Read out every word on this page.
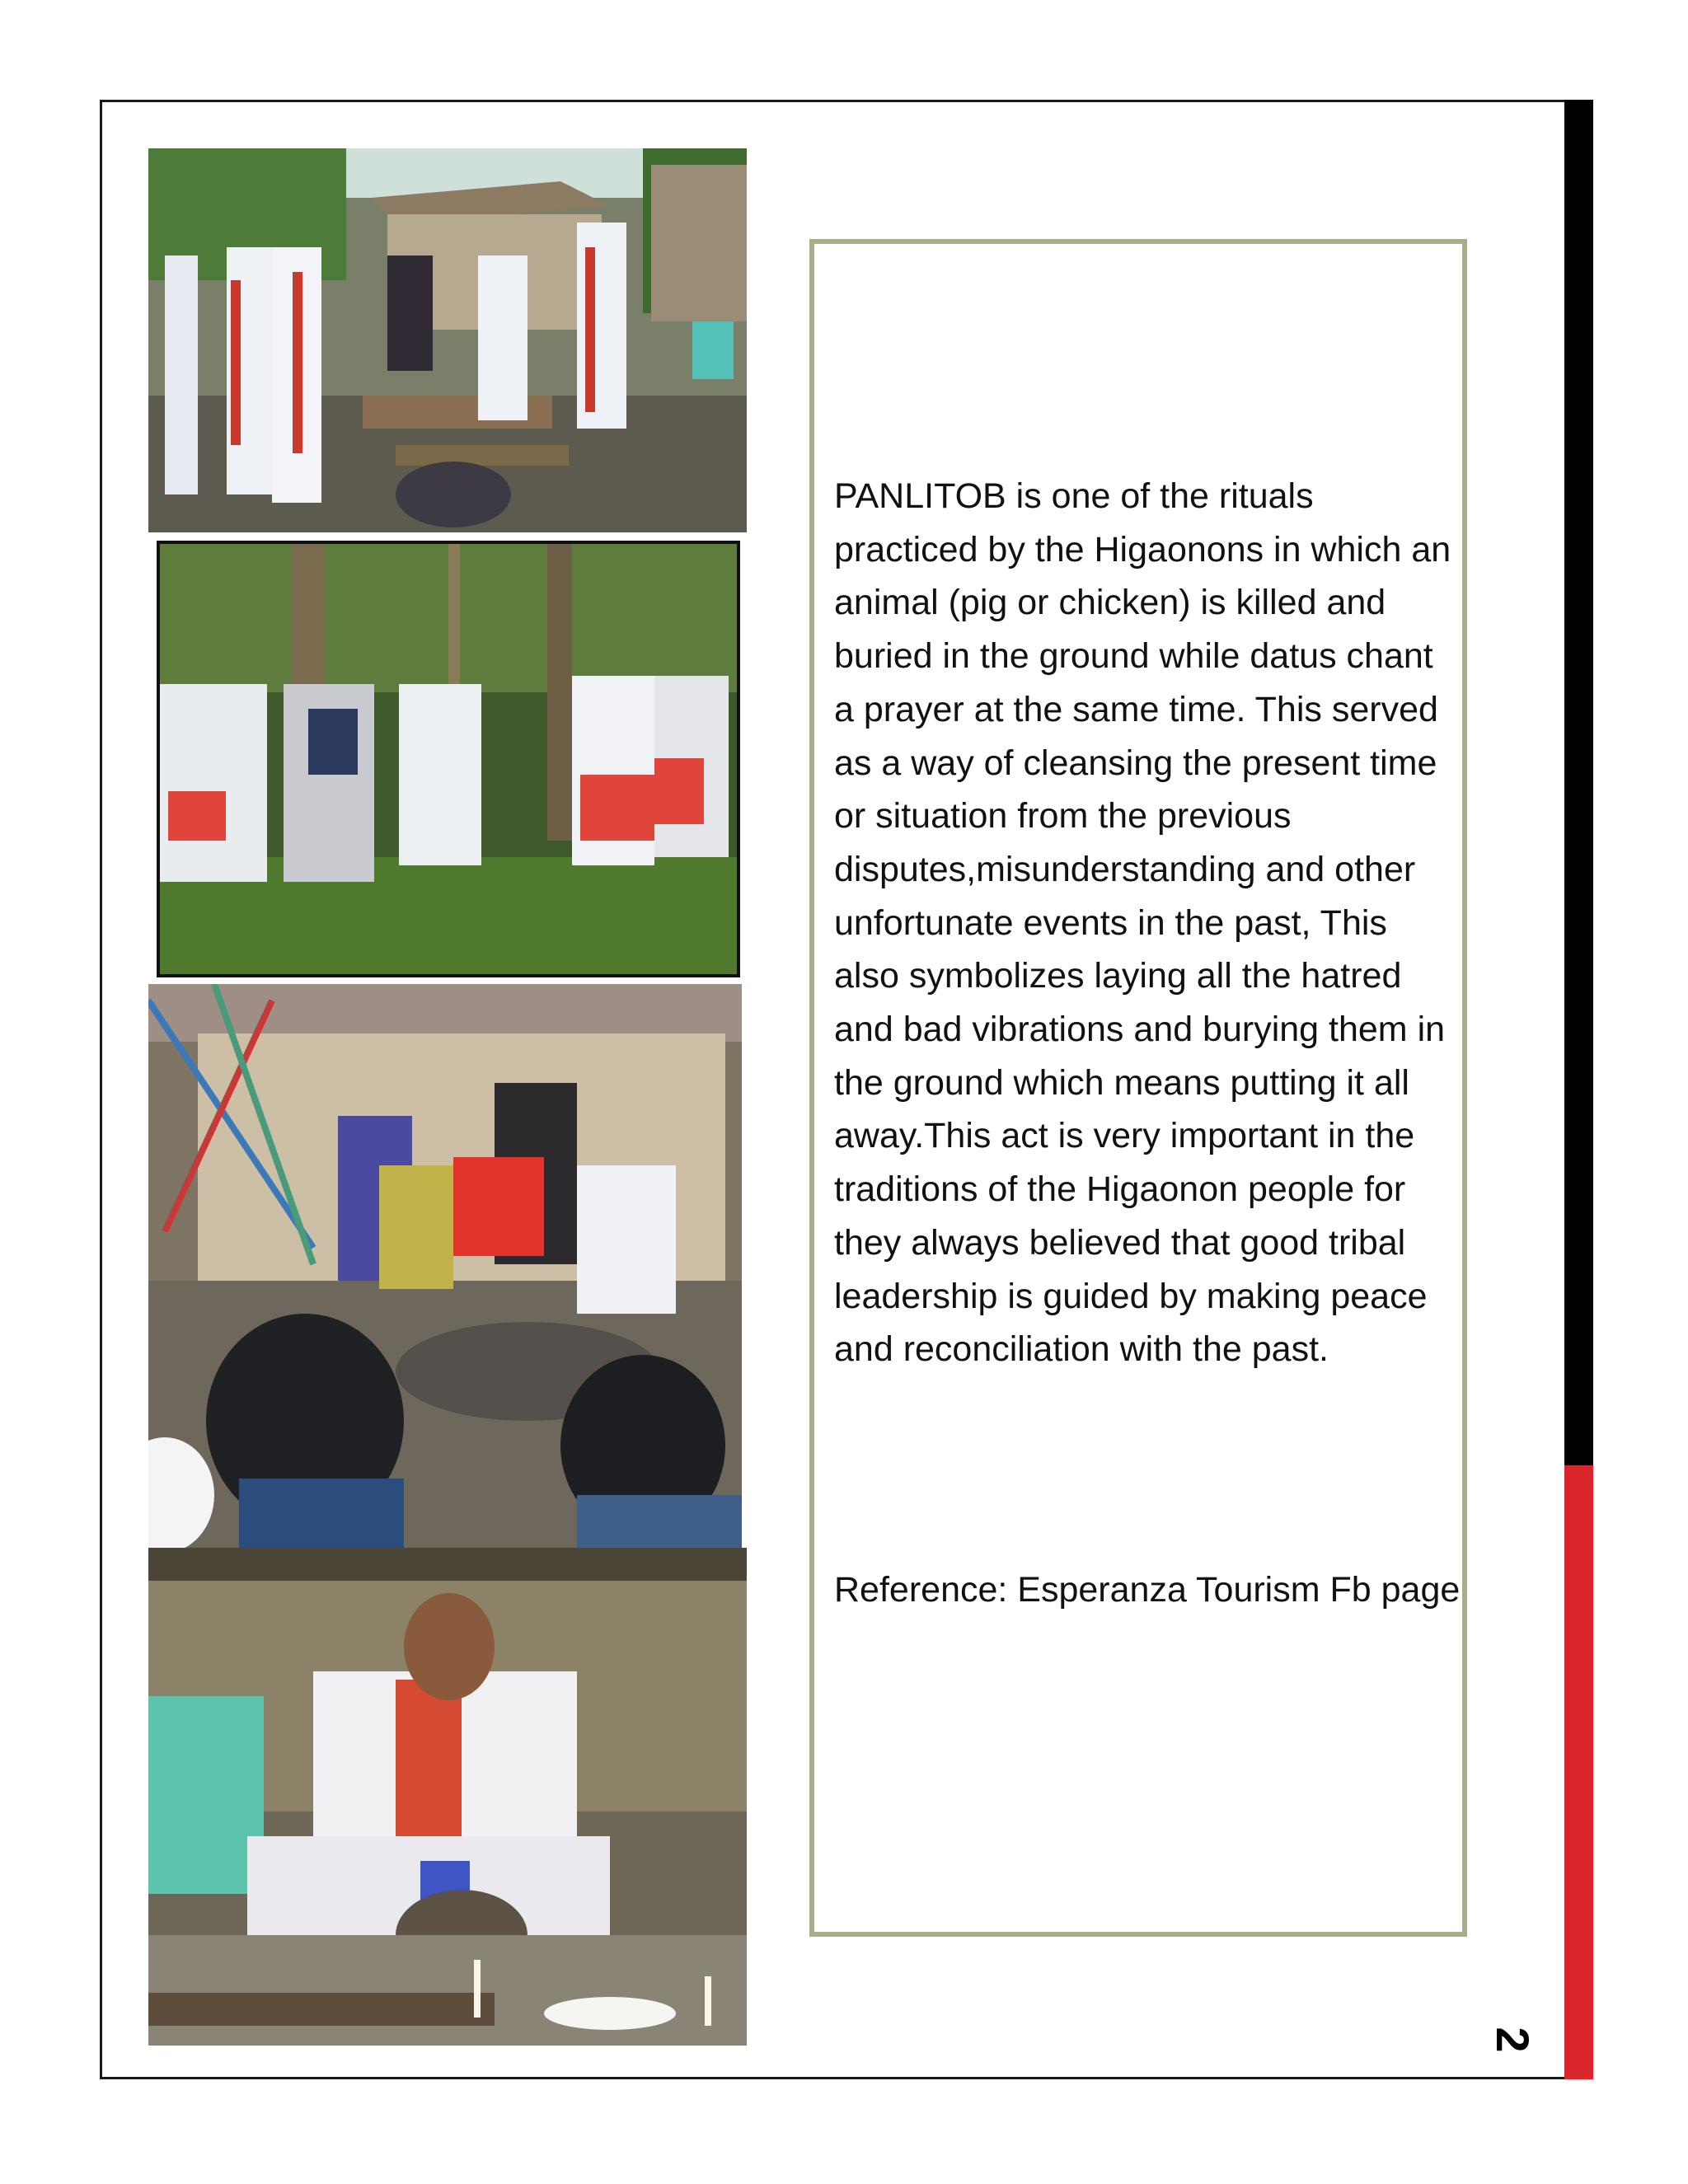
PANLITOB is one of the rituals practiced by the Higaonons in which an animal (pig or chicken) is killed and buried in the ground while datus chant a prayer at the same time. This served as a way of cleansing the present time or situation from the previous disputes,misunderstanding and other unfortunate events in the past, This also symbolizes laying all the hatred and bad vibrations and burying them in the ground which means putting it all away.This act is very important in the traditions of the Higaonon people for they always believed that good tribal leadership is guided by making peace and reconciliation with the past.

Reference: Esperanza Tourism Fb page

2
